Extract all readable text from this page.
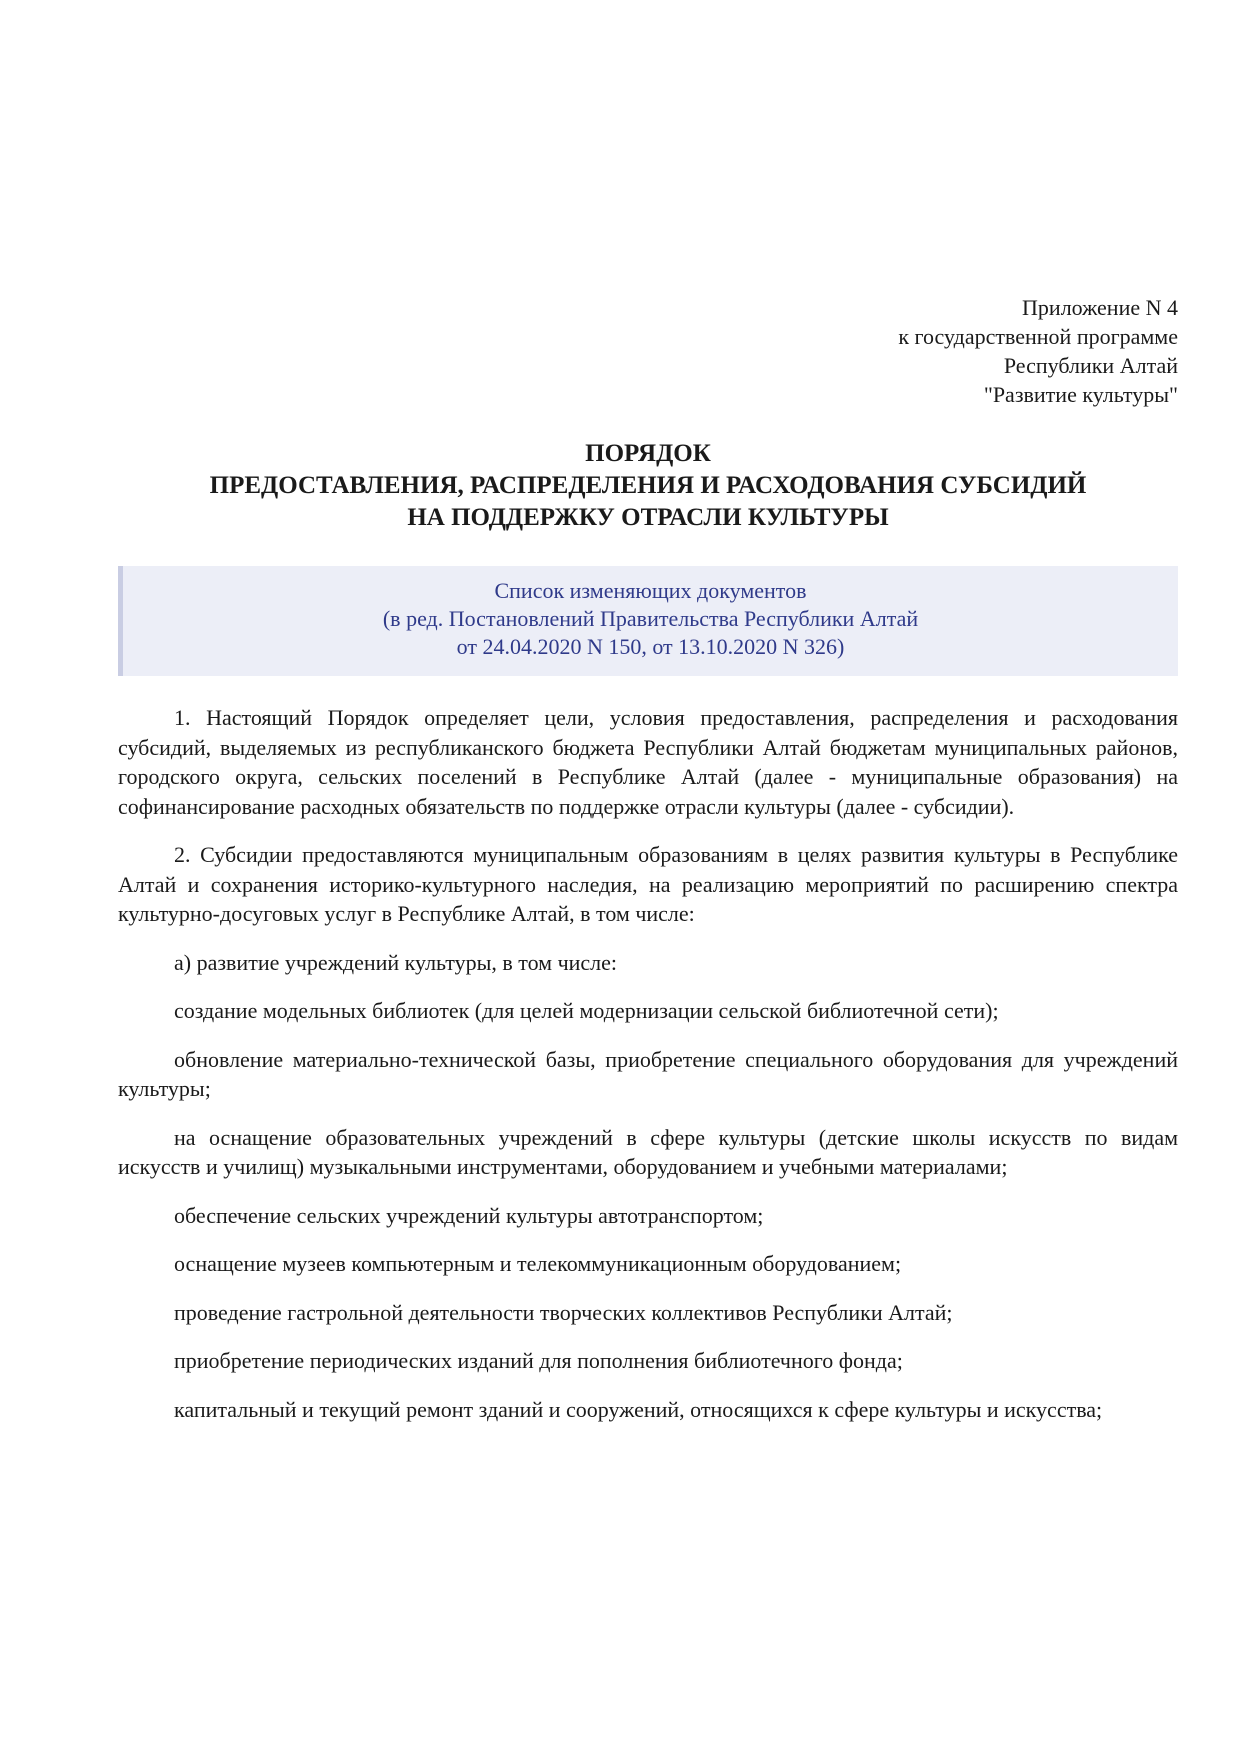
Приложение N 4
к государственной программе
Республики Алтай
"Развитие культуры"
ПОРЯДОК
ПРЕДОСТАВЛЕНИЯ, РАСПРЕДЕЛЕНИЯ И РАСХОДОВАНИЯ СУБСИДИЙ
НА ПОДДЕРЖКУ ОТРАСЛИ КУЛЬТУРЫ
Список изменяющих документов
(в ред. Постановлений Правительства Республики Алтай
от 24.04.2020 N 150, от 13.10.2020 N 326)

1. Настоящий Порядок определяет цели, условия предоставления, распределения и расходования субсидий, выделяемых из республиканского бюджета Республики Алтай бюджетам муниципальных районов, городского округа, сельских поселений в Республике Алтай (далее - муниципальные образования) на софинансирование расходных обязательств по поддержке отрасли культуры (далее - субсидии).

2. Субсидии предоставляются муниципальным образованиям в целях развития культуры в Республике Алтай и сохранения историко-культурного наследия, на реализацию мероприятий по расширению спектра культурно-досуговых услуг в Республике Алтай, в том числе:

а) развитие учреждений культуры, в том числе:

создание модельных библиотек (для целей модернизации сельской библиотечной сети);

обновление материально-технической базы, приобретение специального оборудования для учреждений культуры;

на оснащение образовательных учреждений в сфере культуры (детские школы искусств по видам искусств и училищ) музыкальными инструментами, оборудованием и учебными материалами;

обеспечение сельских учреждений культуры автотранспортом;

оснащение музеев компьютерным и телекоммуникационным оборудованием;

проведение гастрольной деятельности творческих коллективов Республики Алтай;

приобретение периодических изданий для пополнения библиотечного фонда;

капитальный и текущий ремонт зданий и сооружений, относящихся к сфере культуры и искусства;
